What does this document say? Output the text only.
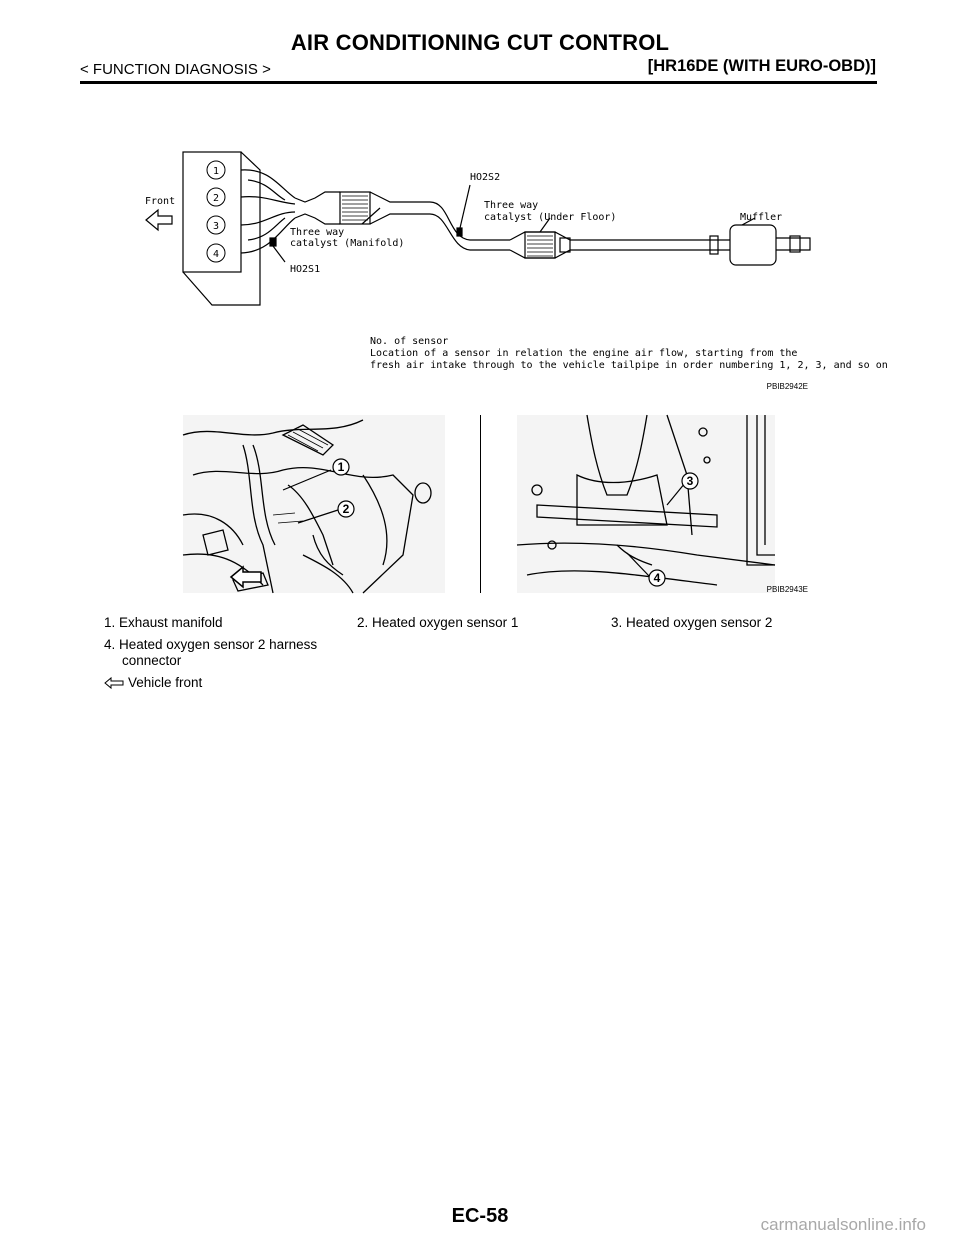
AIR CONDITIONING CUT CONTROL
< FUNCTION DIAGNOSIS >	[HR16DE (WITH EURO-OBD)]
1
2
3
4
Front
HO2S2
Three way
catalyst (Under Floor)	Muffler
Three way
catalyst (Manifold)
HO2S1
No. of sensor
Location of a sensor in relation the engine air flow, starting from the
fresh air intake through to the vehicle tailpipe in order numbering 1, 2, 3, and so on
PBIB2942E
1
2
3
4
PBIB2943E
1. Exhaust manifold	2. Heated oxygen sensor 1	3. Heated oxygen sensor 2
4. Heated oxygen sensor 2 harness
connector
Vehicle front
EC-58	carmanualsonline.info
